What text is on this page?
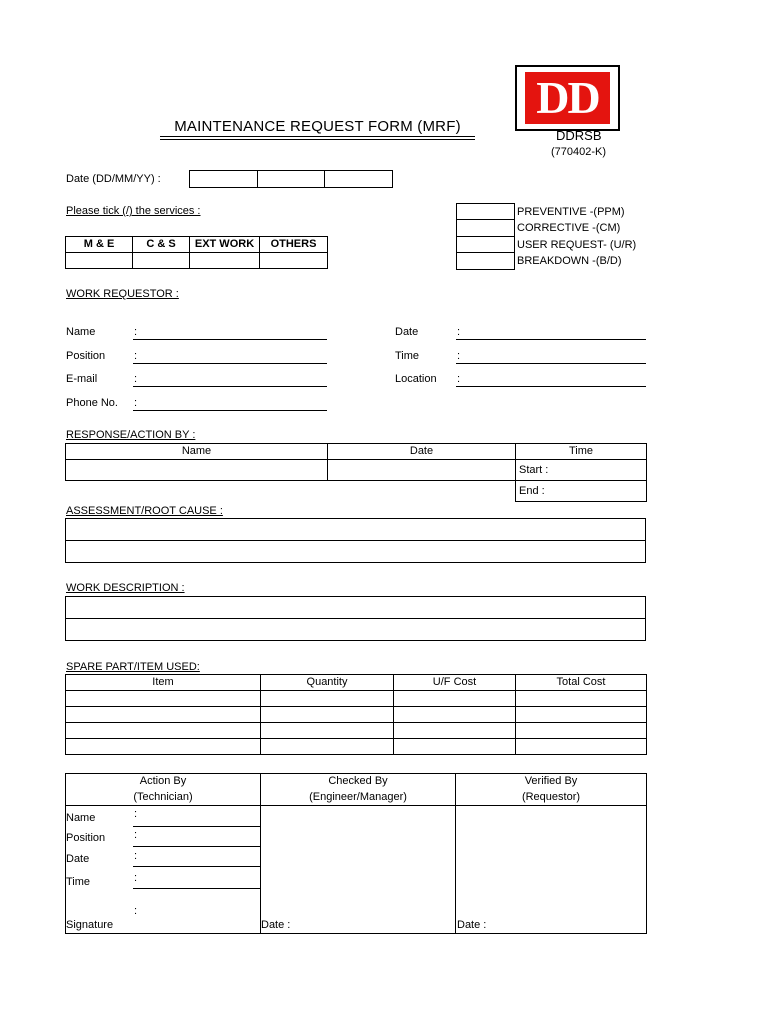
DD
DDRSB
(770402-K)
MAINTENANCE REQUEST FORM (MRF)
Date (DD/MM/YY) :

Please tick (/) the services :
M & E	C & S	EXT WORK	OTHERS

PREVENTIVE -(PPM)
CORRECTIVE -(CM)
USER REQUEST- (U/R)
BREAKDOWN -(B/D)
WORK REQUESTOR :
Name	:
Position	:
E-mail	:
Phone No. :
Date	:
Time	:
Location :
RESPONSE/ACTION BY :
Name	Date	Time
		Start :
		End :
ASSESSMENT/ROOT CAUSE :

WORK DESCRIPTION :

SPARE PART/ITEM USED:
Item	Quantity	U/F Cost	Total Cost

Action By	Checked By	Verified By
(Technician)	(Engineer/Manager)	(Requestor)

Name	:
Position	:
Date	:
Time	:
:
Signature	Date :	Date :
